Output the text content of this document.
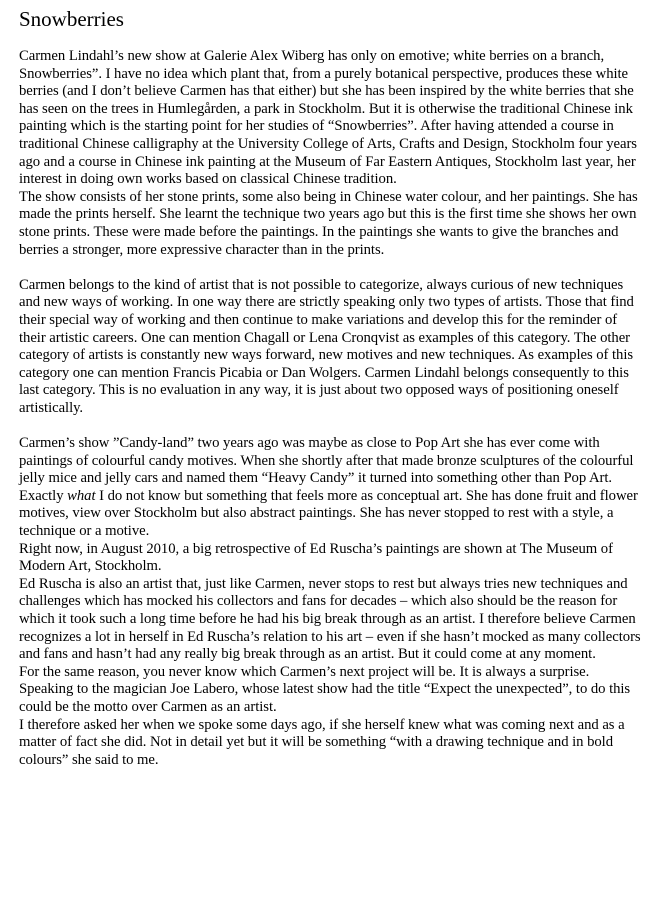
Snowberries

Carmen Lindahl’s new show at Galerie Alex Wiberg has only on emotive; white berries on a branch, Snowberries”. I have no idea which plant that, from a purely botanical perspective, produces these white berries (and I don’t believe Carmen has that either) but she has been inspired by the white berries that she has seen on the trees in Humlegården, a park in Stockholm. But it is otherwise the traditional Chinese ink painting which is the starting point for her studies of “Snowberries”. After having attended a course in traditional Chinese calligraphy at the University College of Arts, Crafts and Design, Stockholm four years ago and a course in Chinese ink painting at the Museum of Far Eastern Antiques, Stockholm last year, her interest in doing own works based on classical Chinese tradition.

The show consists of her stone prints, some also being in Chinese water colour, and her paintings. She has made the prints herself. She learnt the technique two years ago but this is the first time she shows her own stone prints. These were made before the paintings. In the paintings she wants to give the branches and berries a stronger, more expressive character than in the prints.

Carmen belongs to the kind of artist that is not possible to categorize, always curious of new techniques and new ways of working. In one way there are strictly speaking only two types of artists. Those that find their special way of working and then continue to make variations and develop this for the reminder of their artistic careers. One can mention Chagall or Lena Cronqvist as examples of this category. The other category of artists is constantly new ways forward, new motives and new techniques. As examples of this category one can mention Francis Picabia or Dan Wolgers. Carmen Lindahl belongs consequently to this last category. This is no evaluation in any way, it is just about two opposed ways of positioning oneself artistically.

Carmen’s show ”Candy-land” two years ago was maybe as close to Pop Art she has ever come with paintings of colourful candy motives. When she shortly after that made bronze sculptures of the colourful jelly mice and jelly cars and named them “Heavy Candy” it turned into something other than Pop Art. Exactly what I do not know but something that feels more as conceptual art. She has done fruit and flower motives, view over Stockholm but also abstract paintings. She has never stopped to rest with a style, a technique or a motive.

Right now, in August 2010, a big retrospective of Ed Ruscha’s paintings are shown at The Museum of Modern Art, Stockholm.

Ed Ruscha is also an artist that, just like Carmen, never stops to rest but always tries new techniques and challenges which has mocked his collectors and fans for decades – which also should be the reason for which it took such a long time before he had his big break through as an artist. I therefore believe Carmen recognizes a lot in herself in Ed Ruscha’s relation to his art – even if she hasn’t mocked as many collectors and fans and hasn’t had any really big break through as an artist. But it could come at any moment.

For the same reason, you never know which Carmen’s next project will be. It is always a surprise.

Speaking to the magician Joe Labero, whose latest show had the title “Expect the unexpected”, to do this could be the motto over Carmen as an artist.

I therefore asked her when we spoke some days ago, if she herself knew what was coming next and as a matter of fact she did. Not in detail yet but it will be something “with a drawing technique and in bold colours” she said to me.
